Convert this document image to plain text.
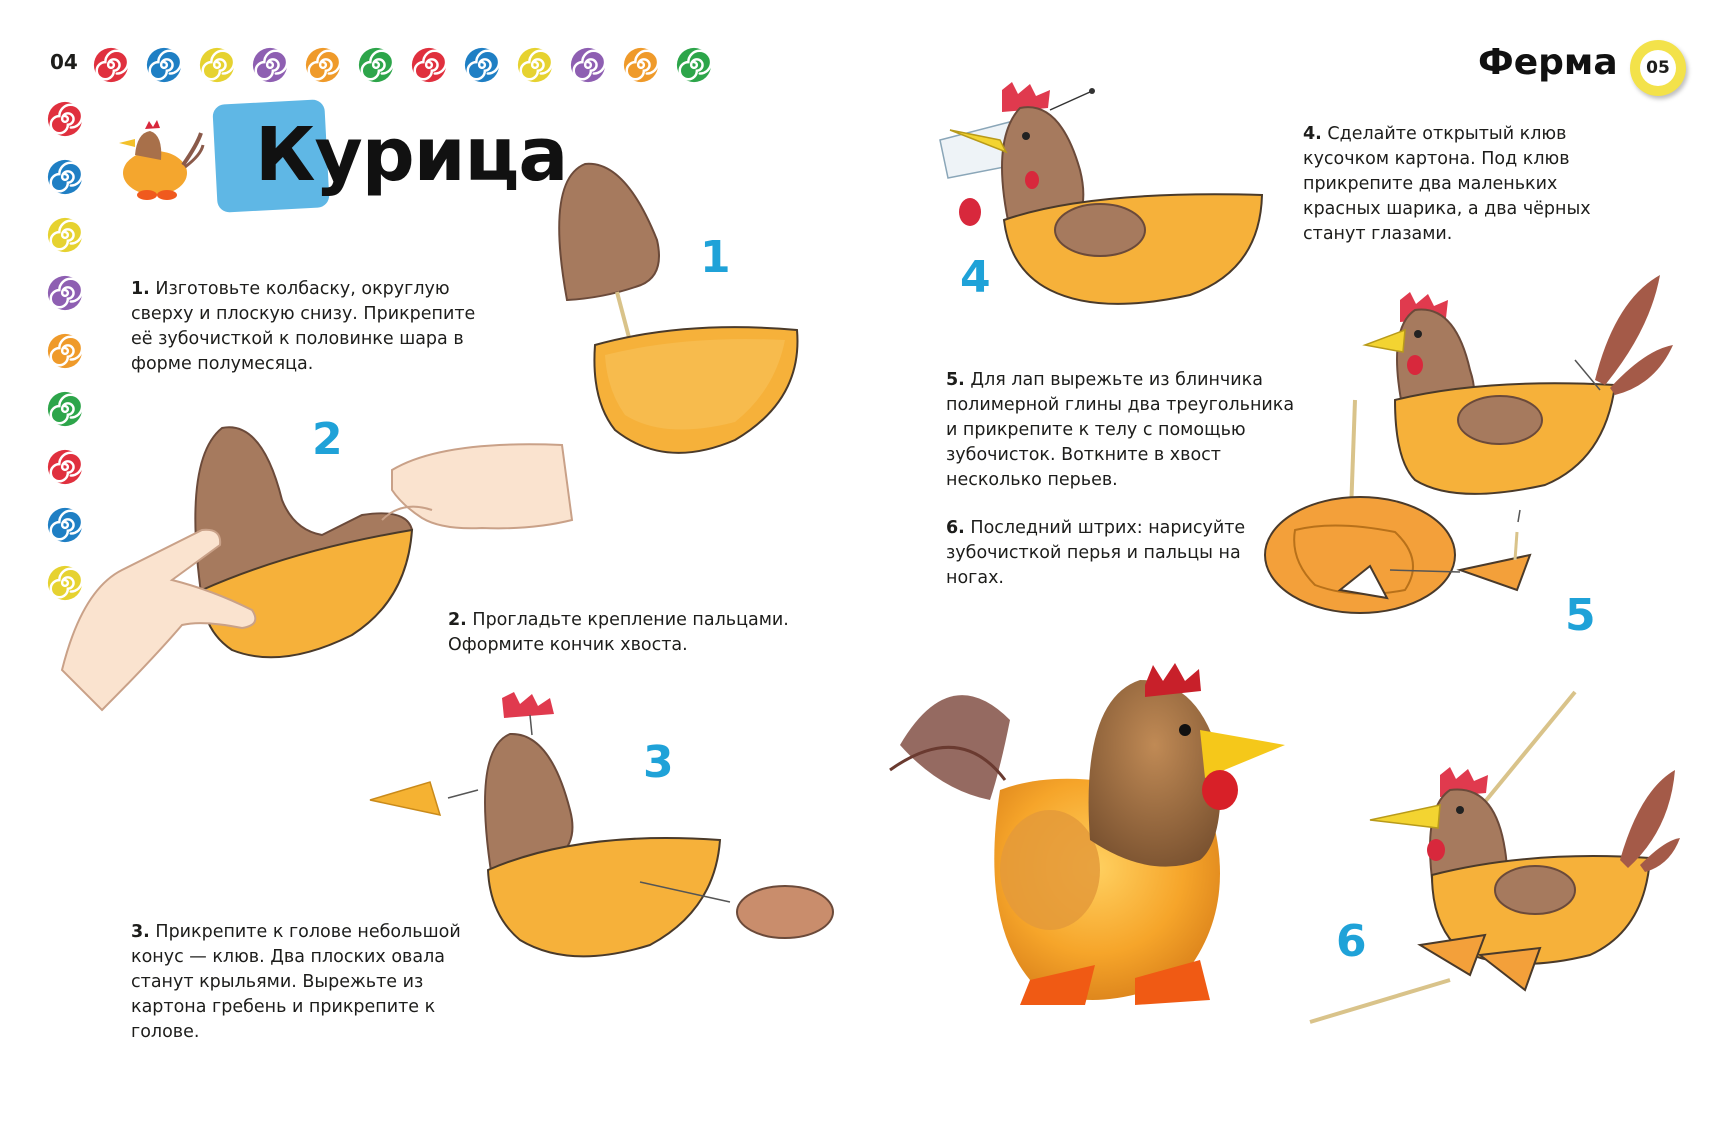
04
Курица
Ферма	05
1. Изготовьте колбаску, округлую сверху и плоскую снизу. Прикрепите её зубочисткой к половинке шара в форме полумесяца.
2. Прогладьте крепление пальцами. Оформите кончик хвоста.
3. Прикрепите к голове небольшой конус — клюв. Два плоских овала станут крыльями. Вырежьте из картона гребень и прикрепите к голове.
4. Сделайте открытый клюв кусочком картона. Под клюв прикрепите два маленьких красных шарика, а два чёрных станут глазами.
5. Для лап вырежьте из блинчика полимерной глины два треугольника и прикрепите к телу с помощью зубочисток. Воткните в хвост несколько перьев.
6. Последний штрих: нарисуйте зубочисткой перья и пальцы на ногах.
1
2
3
4
5
6
